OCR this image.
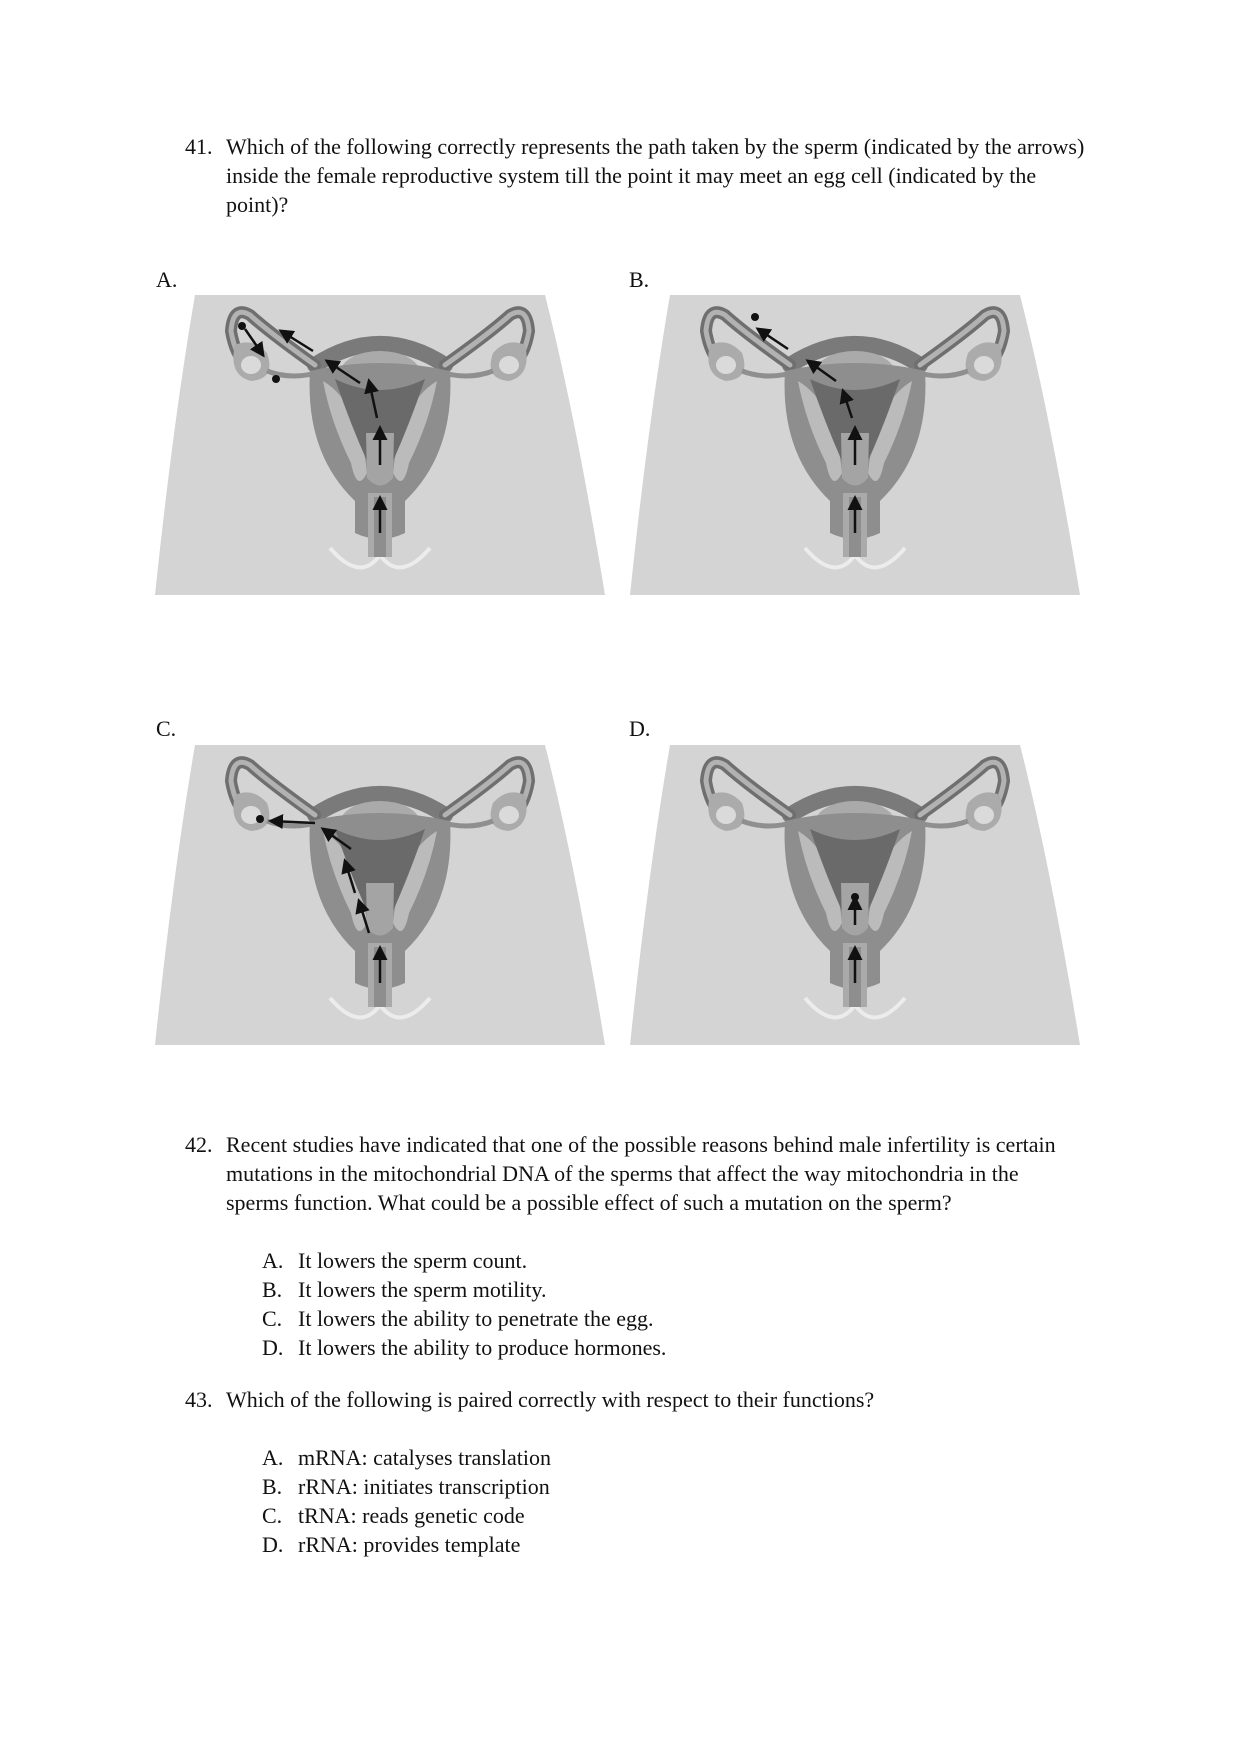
41. Which of the following correctly represents the path taken by the sperm (indicated by the arrows) inside the female reproductive system till the point it may meet an egg cell (indicated by the point)?
A.	B.
C.	D.
42. Recent studies have indicated that one of the possible reasons behind male infertility is certain mutations in the mitochondrial DNA of the sperms that affect the way mitochondria in the sperms function. What could be a possible effect of such a mutation on the sperm?
A. It lowers the sperm count.
B. It lowers the sperm motility.
C. It lowers the ability to penetrate the egg.
D. It lowers the ability to produce hormones.
43. Which of the following is paired correctly with respect to their functions?
A. mRNA: catalyses translation
B. rRNA: initiates transcription
C. tRNA: reads genetic code
D. rRNA: provides template
